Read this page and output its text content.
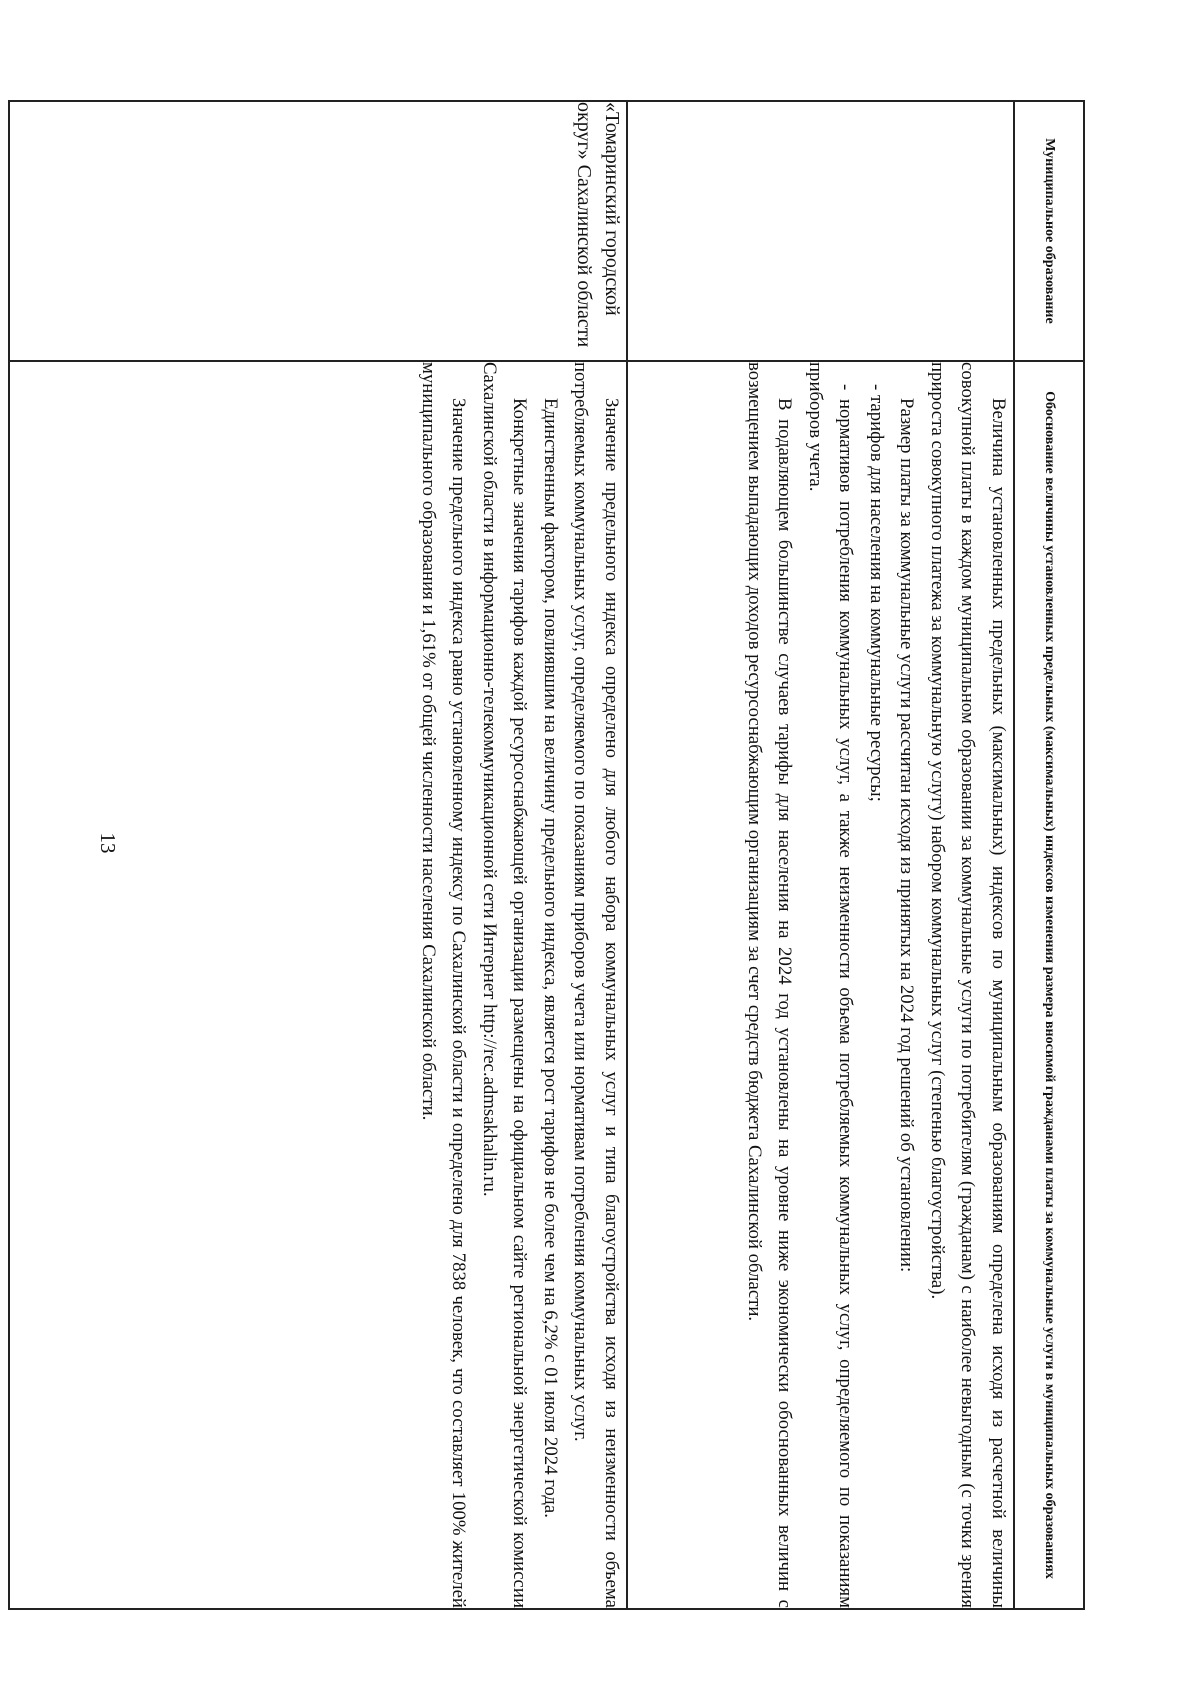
13
Муниципальное образование	Обоснование величины установленных предельных (максимальных) индексов изменения размера вносимой гражданами платы за коммунальные услуги в муниципальных образованиях

	Величина установленных предельных (максимальных) индексов по муниципальным образованиям определена исходя из расчетной величины совокупной платы в каждом муниципальном образовании за коммунальные услуги по потребителям (гражданам) с наиболее невыгодным (с точки зрения прироста совокупного платежа за коммунальную услугу) набором коммунальных услуг (степенью благоустройства).

Размер платы за коммунальные услуги рассчитан исходя из принятых на 2024 год решений об установлении:

- тарифов для населения на коммунальные ресурсы;

- нормативов потребления коммунальных услуг, а также неизменности объема потребляемых коммунальных услуг, определяемого по показаниям приборов учета.

В подавляющем большинстве случаев тарифы для населения на 2024 год установлены на уровне ниже экономически обоснованных величин с возмещением выпадающих доходов ресурсоснабжающим организациям за счет средств бюджета Сахалинской области.

«Томаринский городской округ» Сахалинской области	Значение предельного индекса определено для любого набора коммунальных услуг и типа благоустройства исходя из неизменности объема потребляемых коммунальных услуг, определяемого по показаниям приборов учета или нормативам потребления коммунальных услуг.

Единственным фактором, повлиявшим на величину предельного индекса, является рост тарифов не более чем на 6,2% с 01 июля 2024 года.

Конкретные значения тарифов каждой ресурсоснабжающей организации размещены на официальном сайте региональной энергетической комиссии Сахалинской области в информационно-телекоммуникационной сети Интернет http://rec.admsakhalin.ru.

Значение предельного индекса равно установленному индексу по Сахалинской области и определено для 7838 человек, что составляет 100% жителей муниципального образования и 1,61% от общей численности населения Сахалинской области.
